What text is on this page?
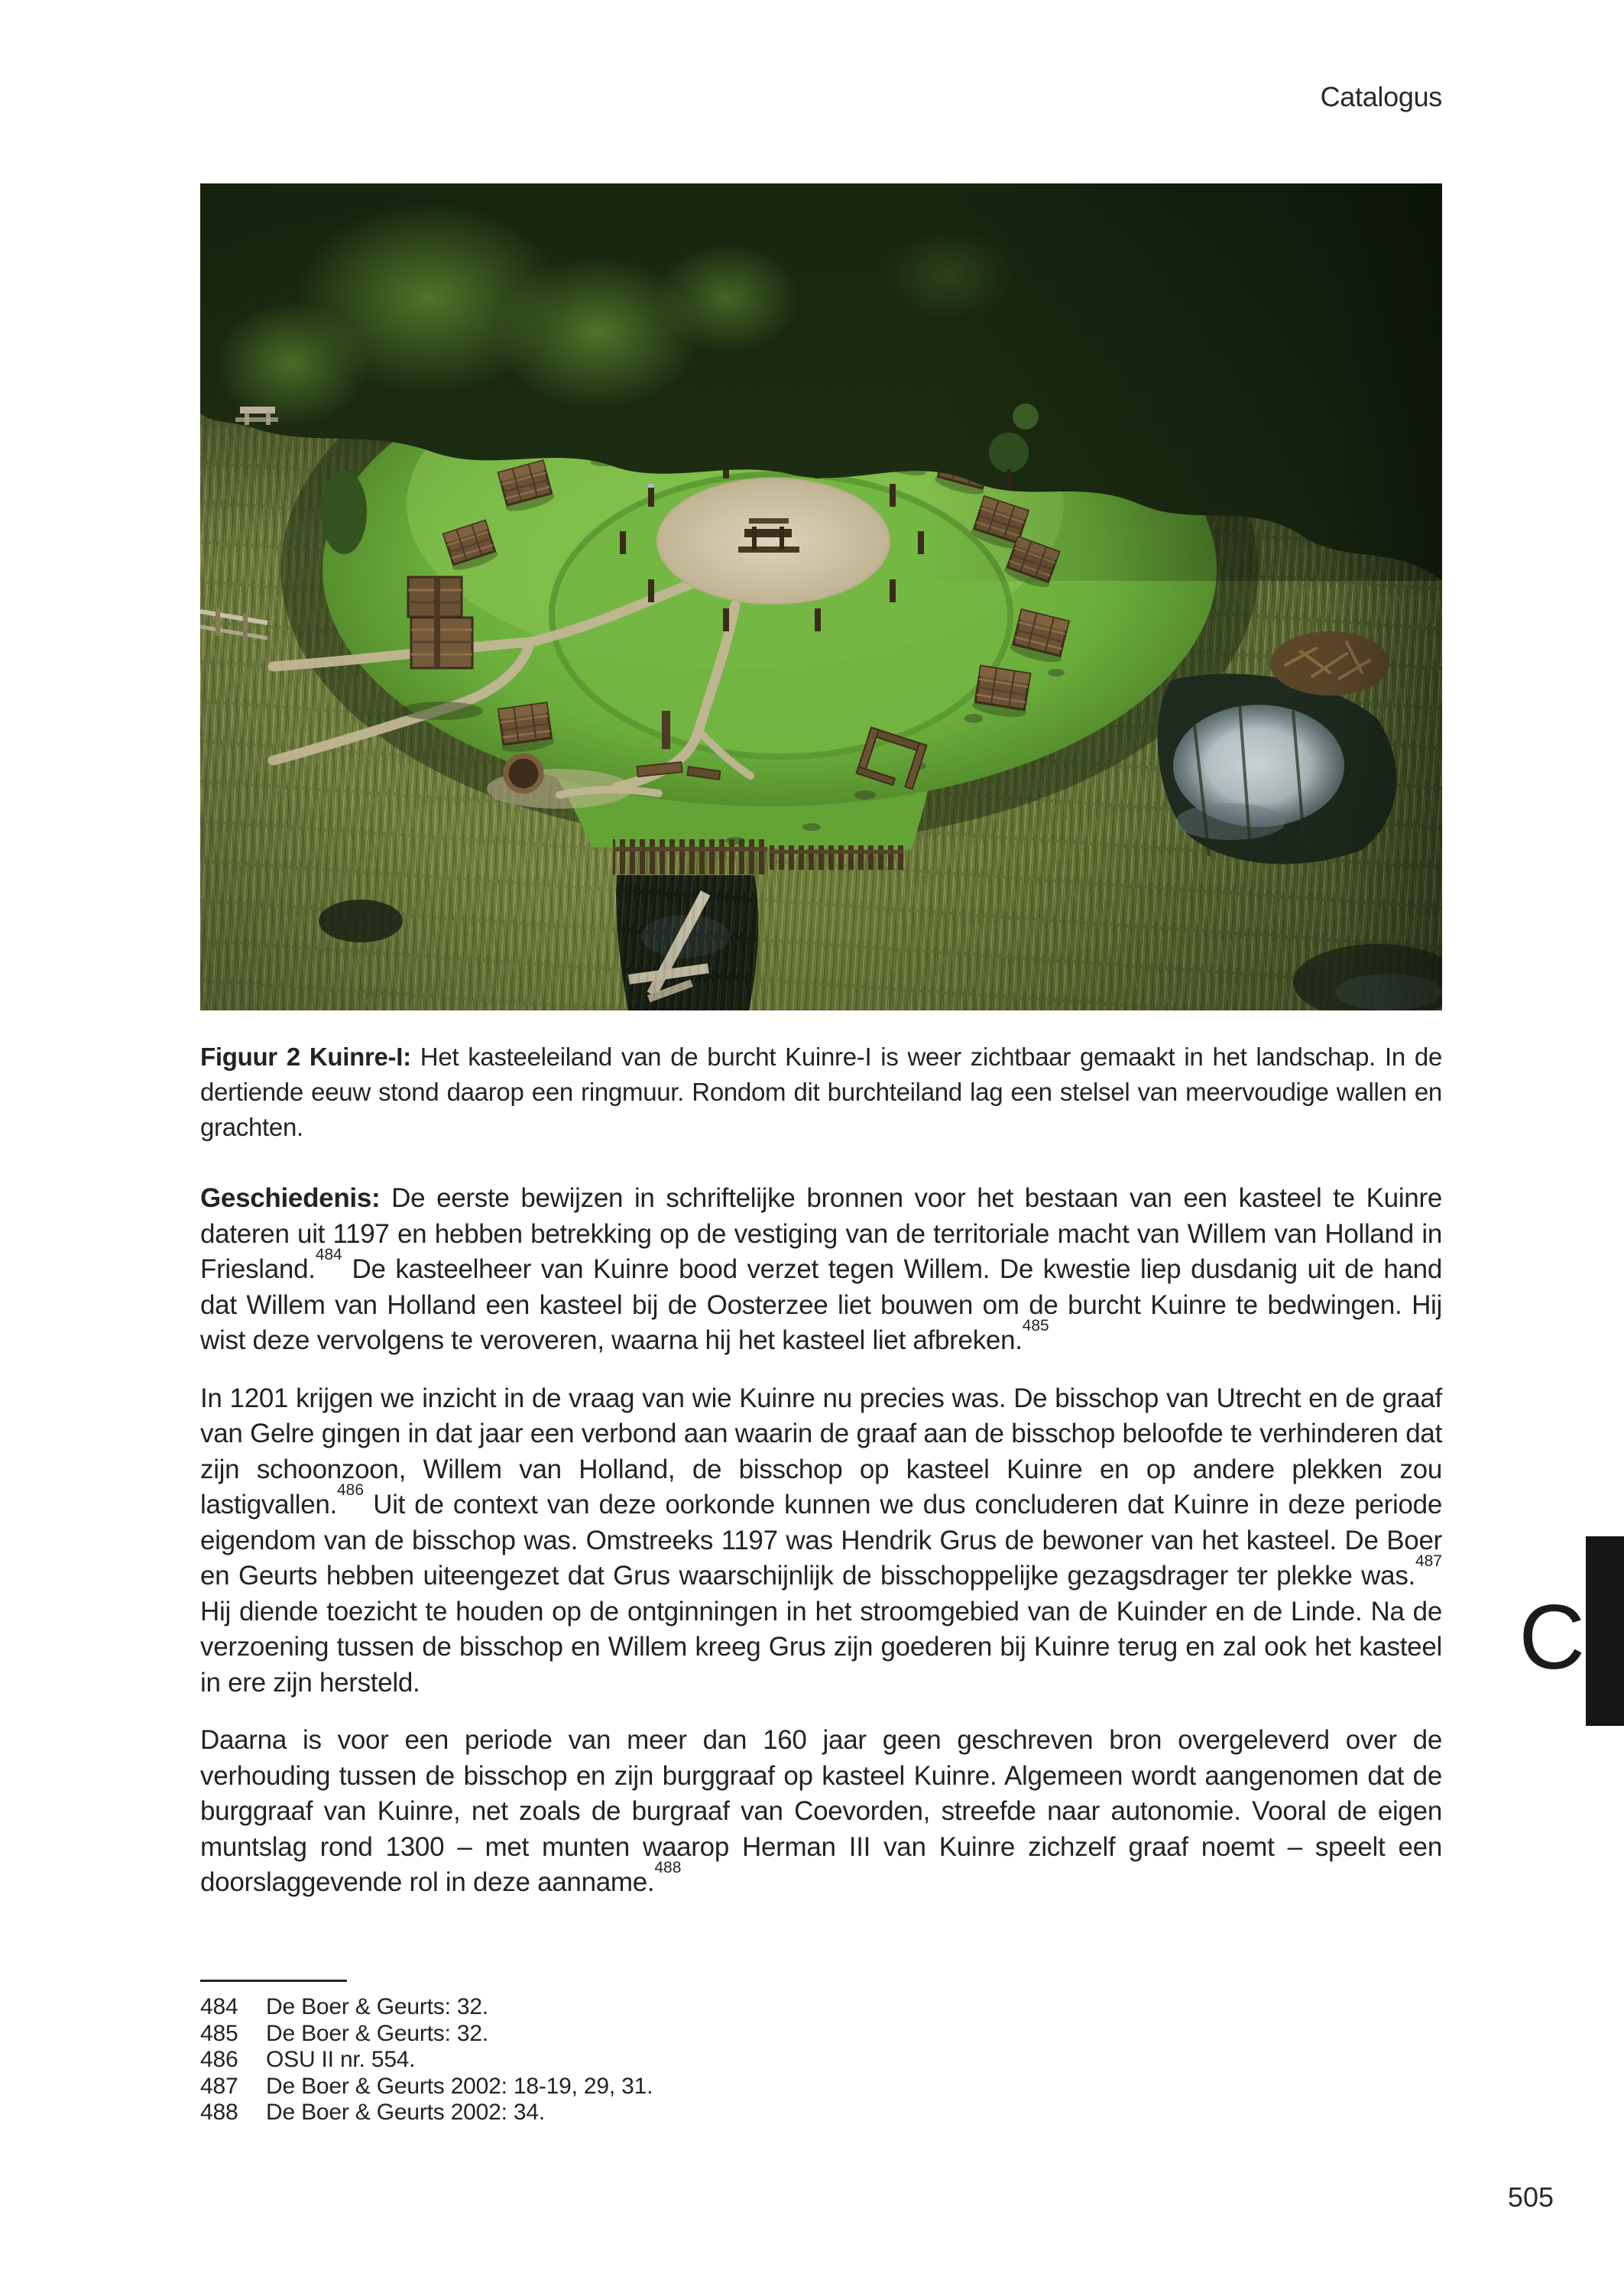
Catalogus

Figuur 2 Kuinre-I: Het kasteeleiland van de burcht Kuinre-I is weer zichtbaar gemaakt in het landschap. In de dertiende eeuw stond daarop een ringmuur. Rondom dit burchteiland lag een stelsel van meervoudige wallen en grachten.

Geschiedenis: De eerste bewijzen in schriftelijke bronnen voor het bestaan van een kasteel te Kuinre dateren uit 1197 en hebben betrekking op de vestiging van de territoriale macht van Willem van Holland in Friesland.$^{484}$ De kasteelheer van Kuinre bood verzet tegen Willem. De kwestie liep dusdanig uit de hand dat Willem van Holland een kasteel bij de Oosterzee liet bouwen om de burcht Kuinre te bedwingen. Hij wist deze vervolgens te veroveren, waarna hij het kasteel liet afbreken.$^{485}$

In 1201 krijgen we inzicht in de vraag van wie Kuinre nu precies was. De bisschop van Utrecht en de graaf van Gelre gingen in dat jaar een verbond aan waarin de graaf aan de bisschop beloofde te verhinderen dat zijn schoonzoon, Willem van Holland, de bisschop op kasteel Kuinre en op andere plekken zou lastigvallen.$^{486}$ Uit de context van deze oorkonde kunnen we dus concluderen dat Kuinre in deze periode eigendom van de bisschop was. Omstreeks 1197 was Hendrik Grus de bewoner van het kasteel. De Boer en Geurts hebben uiteengezet dat Grus waarschijnlijk de bisschoppelijke gezagsdrager ter plekke was.$^{487}$ Hij diende toezicht te houden op de ontginningen in het stroomgebied van de Kuinder en de Linde. Na de verzoening tussen de bisschop en Willem kreeg Grus zijn goederen bij Kuinre terug en zal ook het kasteel in ere zijn hersteld.

Daarna is voor een periode van meer dan 160 jaar geen geschreven bron overgeleverd over de verhouding tussen de bisschop en zijn burggraaf op kasteel Kuinre. Algemeen wordt aangenomen dat de burggraaf van Kuinre, net zoals de burgraaf van Coevorden, streefde naar autonomie. Vooral de eigen muntslag rond 1300 – met munten waarop Herman III van Kuinre zichzelf graaf noemt – speelt een doorslaggevende rol in deze aanname.$^{488}$

484	De Boer & Geurts: 32.
485	De Boer & Geurts: 32.
486	OSU II nr. 554.
487	De Boer & Geurts 2002: 18-19, 29, 31.
488	De Boer & Geurts 2002: 34.
C
505
